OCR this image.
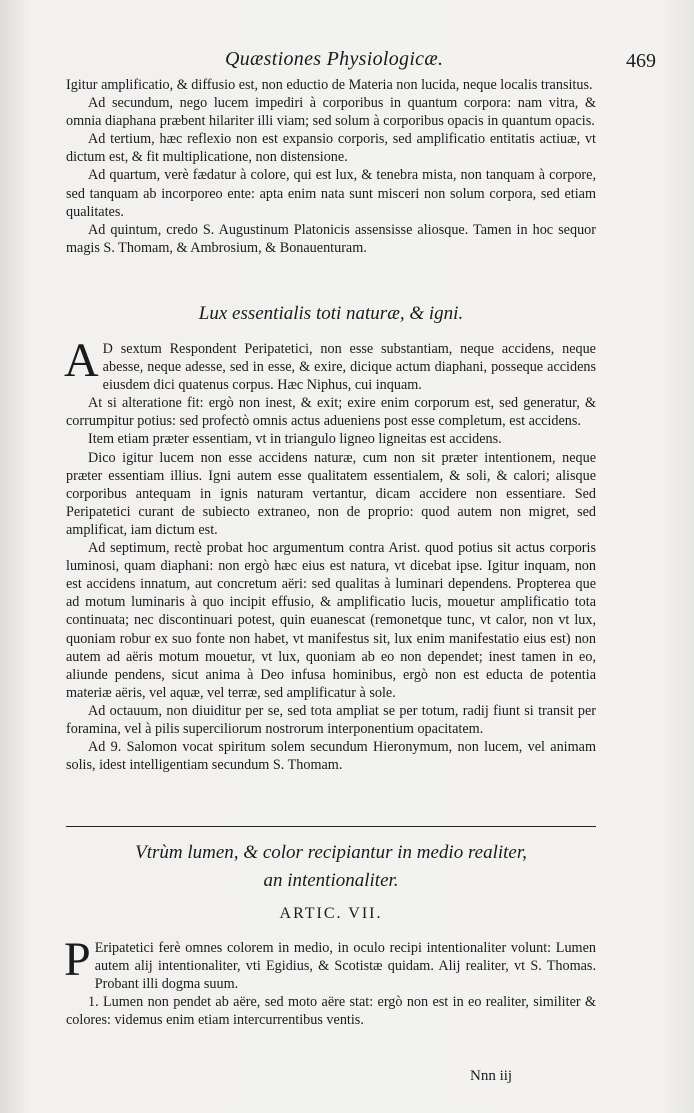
Quæstiones Physiologicæ.	469

Igitur amplificatio, & diffusio est, non eductio de Materia non lucida, neque localis transitus.

Ad secundum, nego lucem impediri à corporibus in quantum corpora: nam vitra, & omnia diaphana præbent hilariter illi viam; sed solum à corporibus opacis in quantum opacis.

Ad tertium, hæc reflexio non est expansio corporis, sed amplificatio entitatis actiuæ, vt dictum est, & fit multiplicatione, non distensione.

Ad quartum, verè fædatur à colore, qui est lux, & tenebra mista, non tanquam à corpore, sed tanquam ab incorporeo ente: apta enim nata sunt misceri non solum corpora, sed etiam qualitates.

Ad quintum, credo S. Augustinum Platonicis assensisse aliosque. Tamen in hoc sequor magis S. Thomam, & Ambrosium, & Bonauenturam.

Lux essentialis toti naturæ, & igni.

A D sextum Respondent Peripatetici, non esse substantiam, neque accidens, neque abesse, neque adesse, sed in esse, & exire, dicique actum diaphani, posseque accidens eiusdem dici quatenus corpus. Hæc Niphus, cui inquam.

At si alteratione fit: ergò non inest, & exit; exire enim corporum est, sed generatur, & corrumpitur potius: sed profectò omnis actus adueniens post esse completum, est accidens.

Item etiam præter essentiam, vt in triangulo ligneo ligneitas est accidens.

Dico igitur lucem non esse accidens naturæ, cum non sit præter intentionem, neque præter essentiam illius. Igni autem esse qualitatem essentialem, & soli, & calori; alisque corporibus antequam in ignis naturam vertantur, dicam accidere non essentiare. Sed Peripatetici curant de subiecto extraneo, non de proprio: quod autem non migret, sed amplificat, iam dictum est.

Ad septimum, rectè probat hoc argumentum contra Arist. quod potius sit actus corporis luminosi, quam diaphani: non ergò hæc eius est natura, vt dicebat ipse. Igitur inquam, non est accidens innatum, aut concretum aëri: sed qualitas à luminari dependens. Propterea que ad motum luminaris à quo incipit effusio, & amplificatio lucis, mouetur amplificatio tota continuata; nec discontinuari potest, quin euanescat (remonetque tunc, vt calor, non vt lux, quoniam robur ex suo fonte non habet, vt manifestus sit, lux enim manifestatio eius est) non autem ad aëris motum mouetur, vt lux, quoniam ab eo non dependet; inest tamen in eo, aliunde pendens, sicut anima à Deo infusa hominibus, ergò non est educta de potentia materiæ aëris, vel aquæ, vel terræ, sed amplificatur à sole.

Ad octauum, non diuiditur per se, sed tota ampliat se per totum, radij fiunt si transit per foramina, vel à pilis superciliorum nostrorum interponentium opacitatem.

Ad 9. Salomon vocat spiritum solem secundum Hieronymum, non lucem, vel animam solis, idest intelligentiam secundum S. Thomam.

Vtrùm lumen, & color recipiantur in medio realiter,
an intentionaliter.
ARTIC. VII.

P Eripatetici ferè omnes colorem in medio, in oculo recipi intentionaliter volunt: Lumen autem alij intentionaliter, vti Egidius, & Scotistæ quidam. Alij realiter, vt S. Thomas. Probant illi dogma suum.

1. Lumen non pendet ab aëre, sed moto aëre stat: ergò non est in eo realiter, similiter & colores: videmus enim etiam intercurrentibus ventis.

Nnn iij
